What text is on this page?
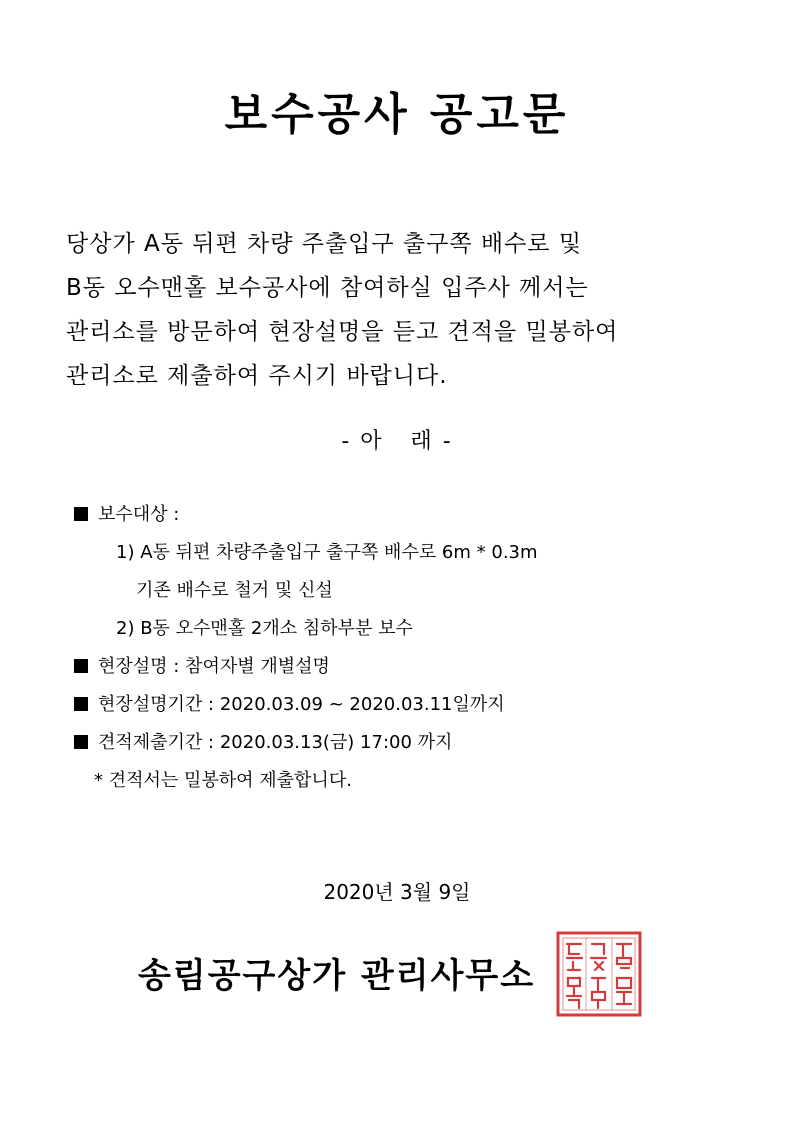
보수공사 공고문
당상가 A동 뒤편 차량 주출입구 출구쪽 배수로 및
B동 오수맨홀 보수공사에 참여하실 입주사 께서는
관리소를 방문하여 현장설명을 듣고 견적을 밀봉하여
관리소로 제출하여 주시기 바랍니다.
- 아   래 -
보수대상 :
1) A동 뒤편 차량주출입구 출구쪽 배수로 6m * 0.3m
기존 배수로 철거 및 신설
2) B동 오수맨홀 2개소 침하부분 보수
현장설명 : 참여자별 개별설명
현장설명기간 : 2020.03.09 ~ 2020.03.11일까지
견적제출기간 : 2020.03.13(금) 17:00 까지
* 견적서는 밀봉하여 제출합니다.
2020년 3월 9일
송림공구상가 관리사무소
